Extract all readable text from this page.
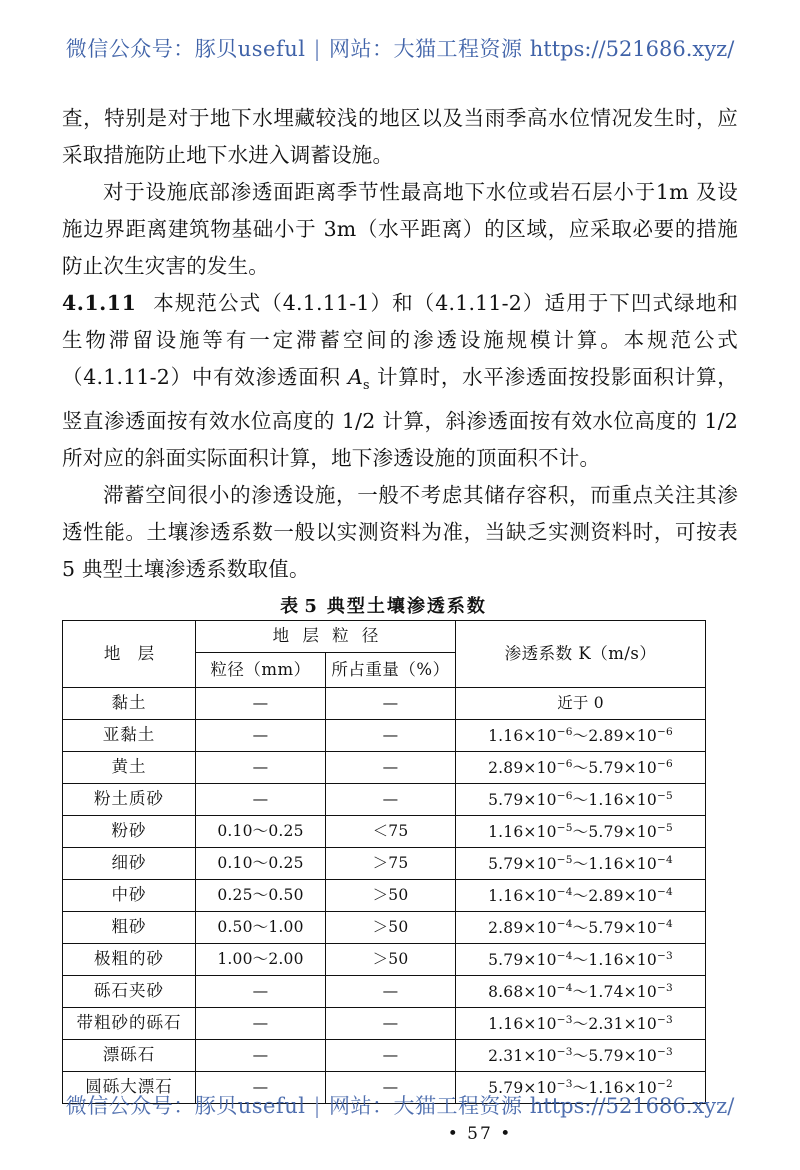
微信公众号：豚贝useful | 网站：大猫工程资源 https://521686.xyz/

查，特别是对于地下水埋藏较浅的地区以及当雨季高水位情况发生时，应采取措施防止地下水进入调蓄设施。

对于设施底部渗透面距离季节性最高地下水位或岩石层小于1m 及设施边界距离建筑物基础小于 3m（水平距离）的区域，应采取必要的措施防止次生灾害的发生。

4.1.11 本规范公式（4.1.11-1）和（4.1.11-2）适用于下凹式绿地和生物滞留设施等有一定滞蓄空间的渗透设施规模计算。本规范公式（4.1.11-2）中有效渗透面积 $A_s$ 计算时，水平渗透面按投影面积计算，竖直渗透面按有效水位高度的 1/2 计算，斜渗透面按有效水位高度的 1/2 所对应的斜面实际面积计算，地下渗透设施的顶面积不计。

滞蓄空间很小的渗透设施，一般不考虑其储存容积，而重点关注其渗透性能。土壤渗透系数一般以实测资料为准，当缺乏实测资料时，可按表 5 典型土壤渗透系数取值。

表 5 典型土壤渗透系数
地 层	地 层 粒 径		渗透系数 K（m/s）
	粒径（mm）	所占重量（%）	
黏土	—	—	近于 0
亚黏土	—	—	$1.16\times 10^{-6}\sim 2.89\times 10^{-6}$
黄土	—	—	$2.89\times 10^{-6}\sim 5.79\times 10^{-6}$
粉土质砂	—	—	$5.79\times 10^{-6}\sim 1.16\times 10^{-5}$
粉砂	0.10～0.25	＜75	$1.16\times 10^{-5}\sim 5.79\times 10^{-5}$
细砂	0.10～0.25	＞75	$5.79\times 10^{-5}\sim 1.16\times 10^{-4}$
中砂	0.25～0.50	＞50	$1.16\times 10^{-4}\sim 2.89\times 10^{-4}$
粗砂	0.50～1.00	＞50	$2.89\times 10^{-4}\sim 5.79\times 10^{-4}$
极粗的砂	1.00～2.00	＞50	$5.79\times 10^{-4}\sim 1.16\times 10^{-3}$
砾石夹砂	—	—	$8.68\times 10^{-4}\sim 1.74\times 10^{-3}$
带粗砂的砾石	—	—	$1.16\times 10^{-3}\sim 2.31\times 10^{-3}$
漂砾石	—	—	$2.31\times 10^{-3}\sim 5.79\times 10^{-3}$
圆砾大漂石	—	—	$5.79\times 10^{-3}\sim 1.16\times 10^{-2}$
微信公众号：豚贝useful | 网站：大猫工程资源 https://521686.xyz/
• 57 •
